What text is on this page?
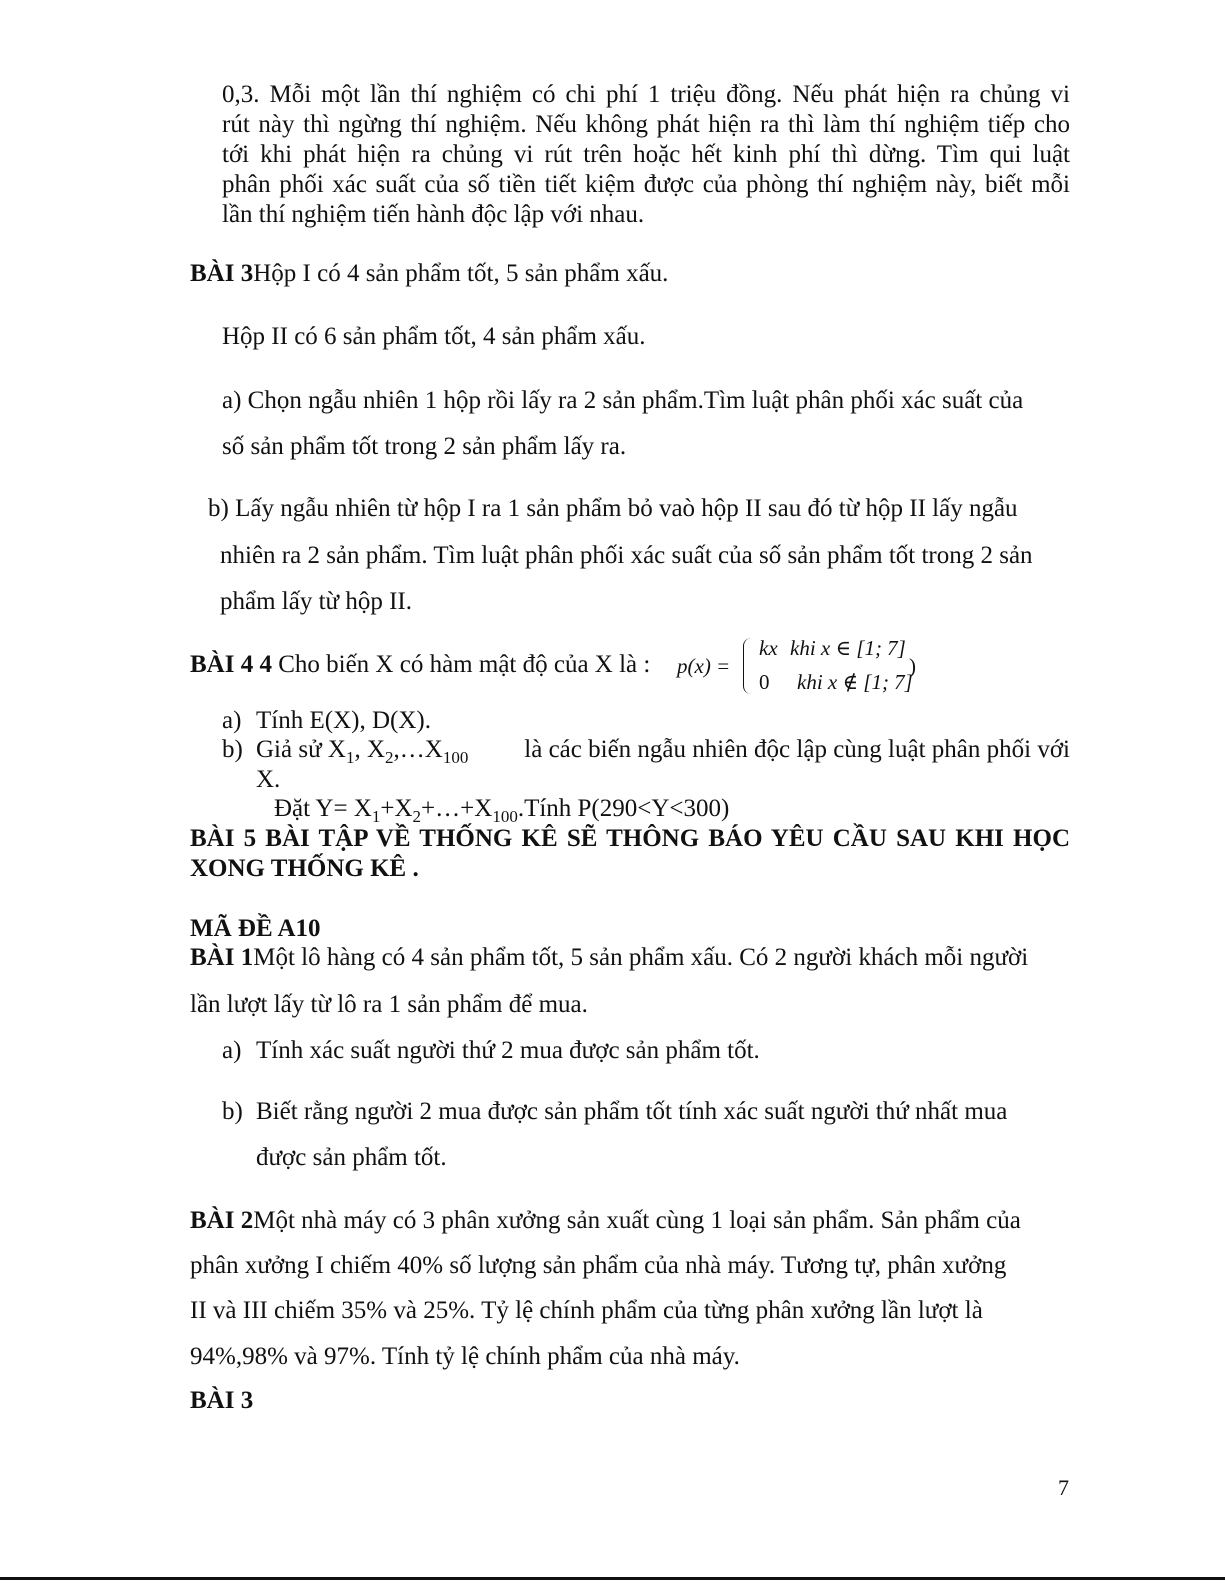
0,3. Mỗi một lần thí nghiệm có chi phí 1 triệu đồng. Nếu phát hiện ra chủng vi
rút này thì ngừng thí nghiệm. Nếu không phát hiện ra thì làm thí nghiệm tiếp cho
tới khi phát hiện ra chủng vi rút trên hoặc hết kinh phí thì dừng. Tìm qui luật
phân phối xác suất của số tiền tiết kiệm được của phòng thí nghiệm này, biết mỗi
lần thí nghiệm tiến hành độc lập với nhau.
BÀI 3Hộp I có 4 sản phẩm tốt, 5 sản phẩm xấu.
Hộp II có 6 sản phẩm tốt, 4 sản phẩm xấu.
a) Chọn ngẫu nhiên 1 hộp rồi lấy ra 2 sản phẩm.Tìm luật phân phối xác suất của
số sản phẩm tốt trong 2 sản phẩm lấy ra.
b) Lấy ngẫu nhiên từ hộp I ra 1 sản phẩm bỏ vaò hộp II sau đó từ hộp II lấy ngẫu
nhiên ra 2 sản phẩm. Tìm luật phân phối xác suất của số sản phẩm tốt trong 2 sản
phẩm lấy từ hộp II.
BÀI 4 4 Cho biến X có hàm mật độ của X là : p(x) =
kx khi x ∈ [1; 7]
0 khi x ∉ [1; 7]
)
a) Tính E(X), D(X).
b) Giả sử $X_1$, $X_2,\dots X_{100}$ là các biến ngẫu nhiên độc lập cùng luật phân phối với
X.
Đặt $Y= X_1+X_2+\dots+X_{100}.Tính$ P(290<Y<300)
BÀI 5 BÀI TẬP VỀ THỐNG KÊ SẼ THÔNG BÁO YÊU CẦU SAU KHI HỌC
XONG THỐNG KÊ .
MÃ ĐỀ A10
BÀI 1Một lô hàng có 4 sản phẩm tốt, 5 sản phẩm xấu. Có 2 người khách mỗi người
lần lượt lấy từ lô ra 1 sản phẩm để mua.
a) Tính xác suất người thứ 2 mua được sản phẩm tốt.
b) Biết rằng người 2 mua được sản phẩm tốt tính xác suất người thứ nhất mua
được sản phẩm tốt.
BÀI 2Một nhà máy có 3 phân xưởng sản xuất cùng 1 loại sản phẩm. Sản phẩm của
phân xưởng I chiếm 40% số lượng sản phẩm của nhà máy. Tương tự, phân xưởng
II và III chiếm 35% và 25%. Tỷ lệ chính phẩm của từng phân xưởng lần lượt là
94%,98% và 97%. Tính tỷ lệ chính phẩm của nhà máy.
BÀI 3
7
